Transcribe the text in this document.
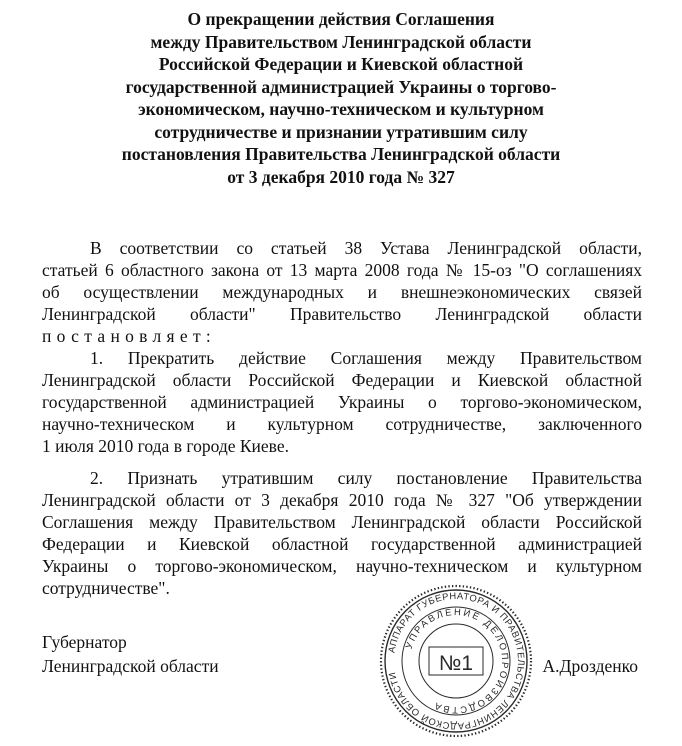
О прекращении действия Соглашения
между Правительством Ленинградской области
Российской Федерации и Киевской областной
государственной администрацией Украины о торгово-
экономическом, научно-техническом и культурном
сотрудничестве и признании утратившим силу
постановления Правительства Ленинградской области
от 3 декабря 2010 года № 327
В соответствии со статьей 38 Устава Ленинградской области,
статьей 6 областного закона от 13 марта 2008 года № 15-оз "О соглашениях
об осуществлении международных и внешнеэкономических связей
Ленинградской области" Правительство Ленинградской области
постановляет:
1. Прекратить действие Соглашения между Правительством
Ленинградской области Российской Федерации и Киевской областной
государственной администрацией Украины о торгово-экономическом,
научно-техническом и культурном сотрудничестве, заключенного
1 июля 2010 года в городе Киеве.
2. Признать утратившим силу постановление Правительства
Ленинградской области от 3 декабря 2010 года № 327 "Об утверждении
Соглашения между Правительством Ленинградской области Российской
Федерации и Киевской областной государственной администрацией
Украины о торгово-экономическом, научно-техническом и культурном
сотрудничестве".
Губернатор
Ленинградской области	А.Дрозденко
АППАРАТ ГУБЕРНАТОРА И ПРАВИТЕЛЬСТВА ЛЕНИНГРАДСКОЙ ОБЛАСТИ
УПРАВЛЕНИЕ ДЕЛОПРОИЗВОДСТВА
№1
